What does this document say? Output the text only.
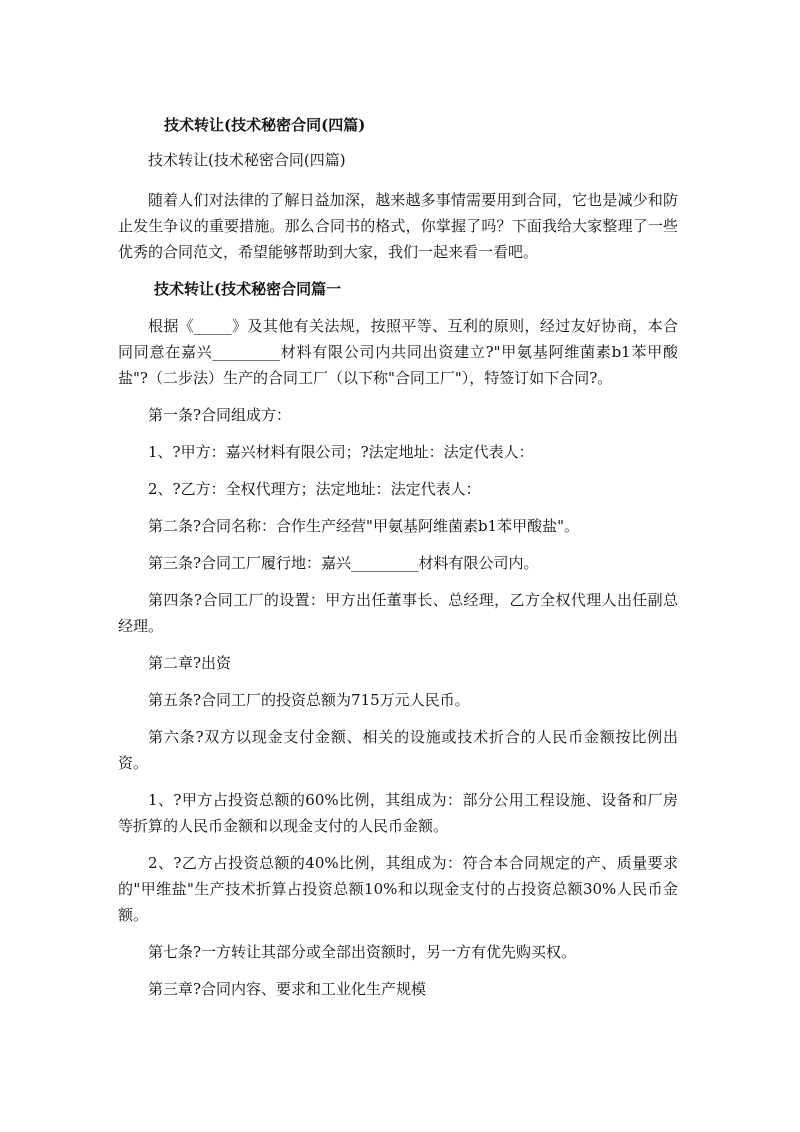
技术转让(技术秘密合同(四篇)

技术转让(技术秘密合同(四篇)

随着人们对法律的了解日益加深，越来越多事情需要用到合同，它也是减少和防止发生争议的重要措施。那么合同书的格式，你掌握了吗？下面我给大家整理了一些优秀的合同范文，希望能够帮助到大家，我们一起来看一看吧。

技术转让(技术秘密合同篇一

根据《_____》及其他有关法规，按照平等、互利的原则，经过友好协商，本合同同意在嘉兴_________材料有限公司内共同出资建立?"甲氨基阿维菌素b1苯甲酸盐"?（二步法）生产的合同工厂（以下称"合同工厂"），特签订如下合同?。

第一条?合同组成方：

1、?甲方：嘉兴材料有限公司；?法定地址：法定代表人：

2、?乙方：全权代理方；法定地址：法定代表人：

第二条?合同名称：合作生产经营"甲氨基阿维菌素b1苯甲酸盐"。

第三条?合同工厂履行地：嘉兴_________材料有限公司内。

第四条?合同工厂的设置：甲方出任董事长、总经理，乙方全权代理人出任副总经理。

第二章?出资

第五条?合同工厂的投资总额为715万元人民币。

第六条?双方以现金支付金额、相关的设施或技术折合的人民币金额按比例出资。

1、?甲方占投资总额的60%比例，其组成为：部分公用工程设施、设备和厂房等折算的人民币金额和以现金支付的人民币金额。

2、?乙方占投资总额的40%比例，其组成为：符合本合同规定的产、质量要求的"甲维盐"生产技术折算占投资总额10%和以现金支付的占投资总额30%人民币金额。

第七条?一方转让其部分或全部出资额时，另一方有优先购买权。

第三章?合同内容、要求和工业化生产规模
